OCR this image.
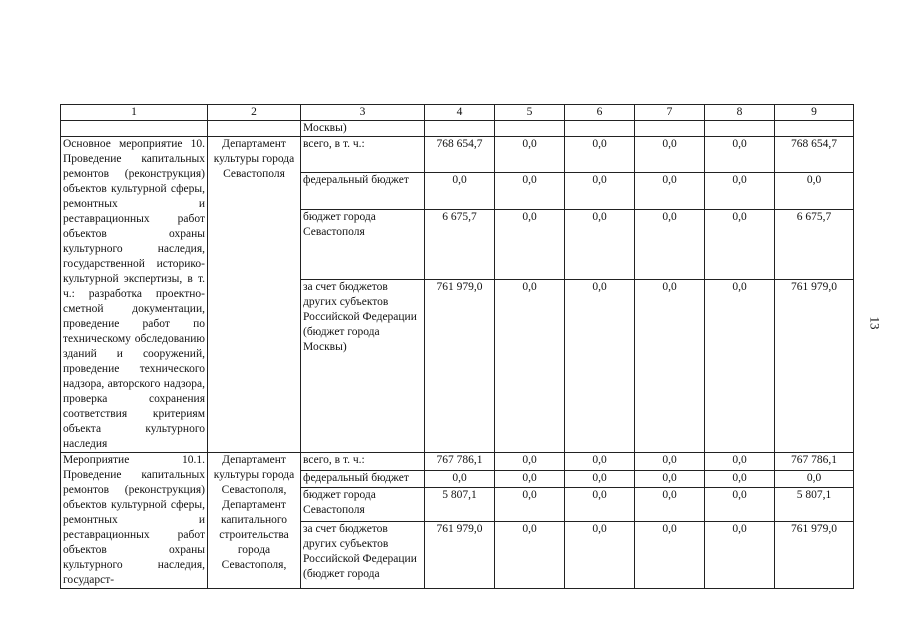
1	2	3	4	5	6	7	8	9
		Москвы)						
Основное мероприятие 10. Проведение капитальных ремонтов (реконструкция) объектов культурной сферы, ремонтных и реставрационных работ объектов охраны культурного наследия, государственной историко-культурной экспертизы, в т. ч.: разработка проектно-сметной документации, проведение работ по техническому обследованию зданий и сооружений, проведение технического надзора, авторского надзора, проверка сохранения соответствия критериям объекта культурного наследия	Департамент культуры города Севастополя	всего, в т. ч.:	768 654,7	0,0	0,0	0,0	0,0	768 654,7
		федеральный бюджет	0,0	0,0	0,0	0,0	0,0	0,0
		бюджет города Севастополя	6 675,7	0,0	0,0	0,0	0,0	6 675,7
		за счет бюджетов других субъектов Российской Федерации (бюджет города Москвы)	761 979,0	0,0	0,0	0,0	0,0	761 979,0
Мероприятие 10.1. Проведение капитальных ремонтов (реконструкция) объектов культурной сферы, ремонтных и реставрационных работ объектов охраны культурного наследия, государст-	Департамент культуры города Севастополя, Департамент капитального строительства города Севастополя,	всего, в т. ч.:	767 786,1	0,0	0,0	0,0	0,0	767 786,1
		федеральный бюджет	0,0	0,0	0,0	0,0	0,0	0,0
		бюджет города Севастополя	5 807,1	0,0	0,0	0,0	0,0	5 807,1
		за счет бюджетов других субъектов Российской Федерации (бюджет города	761 979,0	0,0	0,0	0,0	0,0	761 979,0
13
